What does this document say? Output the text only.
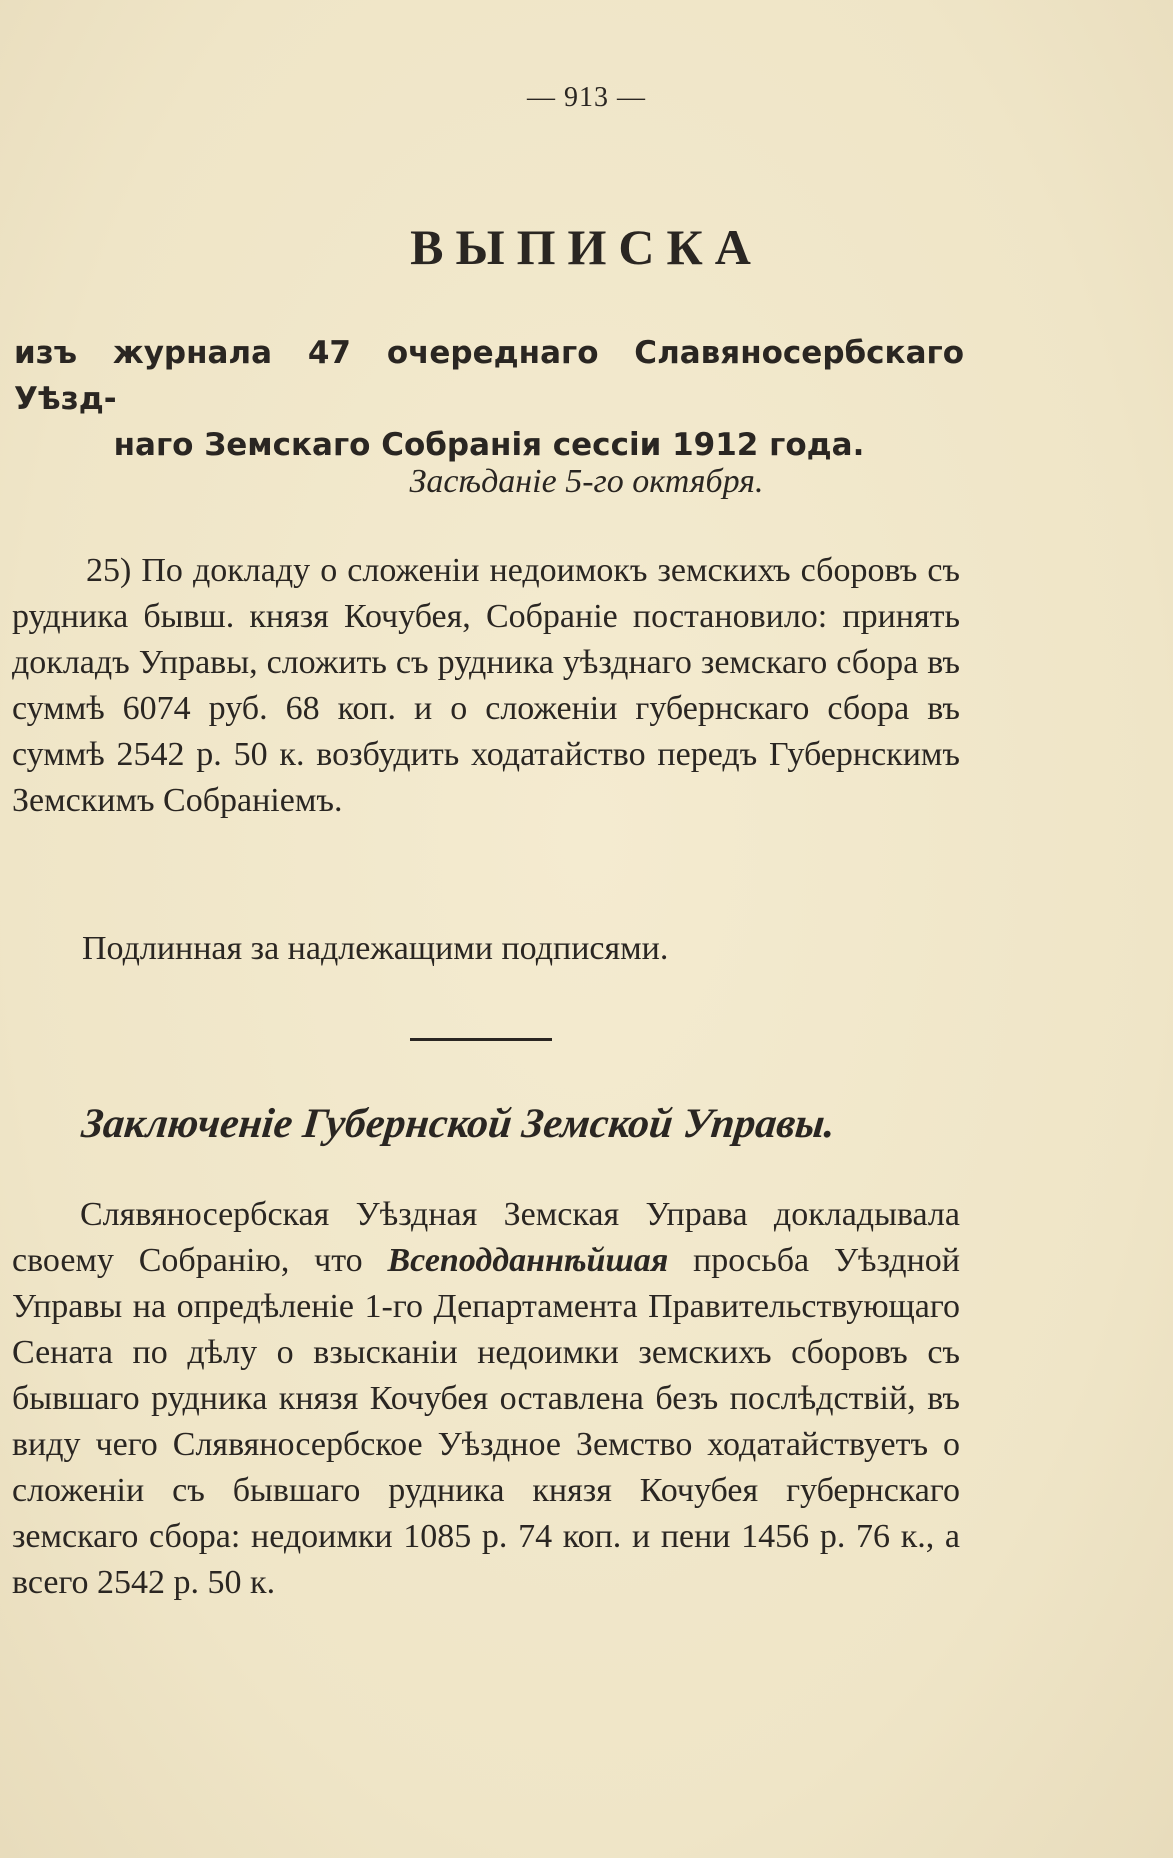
— 913 —
ВЫПИСКА
изъ журнала 47 очереднаго Славяносербскаго Уѣзд-
наго Земскаго Собранія сессіи 1912 года.
Засѣданіе 5-го октября.
25) По докладу о сложеніи недоимокъ земскихъ сборовъ съ рудника бывш. князя Кочубея, Собраніе постановило: принять докладъ Управы, сложить съ рудника уѣзднаго земскаго сбора въ суммѣ 6074 руб. 68 коп. и о сложеніи губернскаго сбора въ суммѣ 2542 р. 50 к. возбудить ходатайство передъ Губернскимъ Земскимъ Собраніемъ.
Подлинная за надлежащими подписями.
Заключеніе Губернской Земской Управы.
Слявяносербская Уѣздная Земская Управа докладывала своему Собранію, что Всеподданнѣйшая просьба Уѣздной Управы на опредѣленіе 1-го Департамента Правительствующаго Сената по дѣлу о взысканіи недоимки земскихъ сборовъ съ бывшаго рудника князя Кочубея оставлена безъ послѣдствій, въ виду чего Слявяносербское Уѣздное Земство ходатайствуетъ о сложеніи съ бывшаго рудника князя Кочубея губернскаго земскаго сбора: недоимки 1085 р. 74 коп. и пени 1456 р. 76 к., а всего 2542 р. 50 к.
